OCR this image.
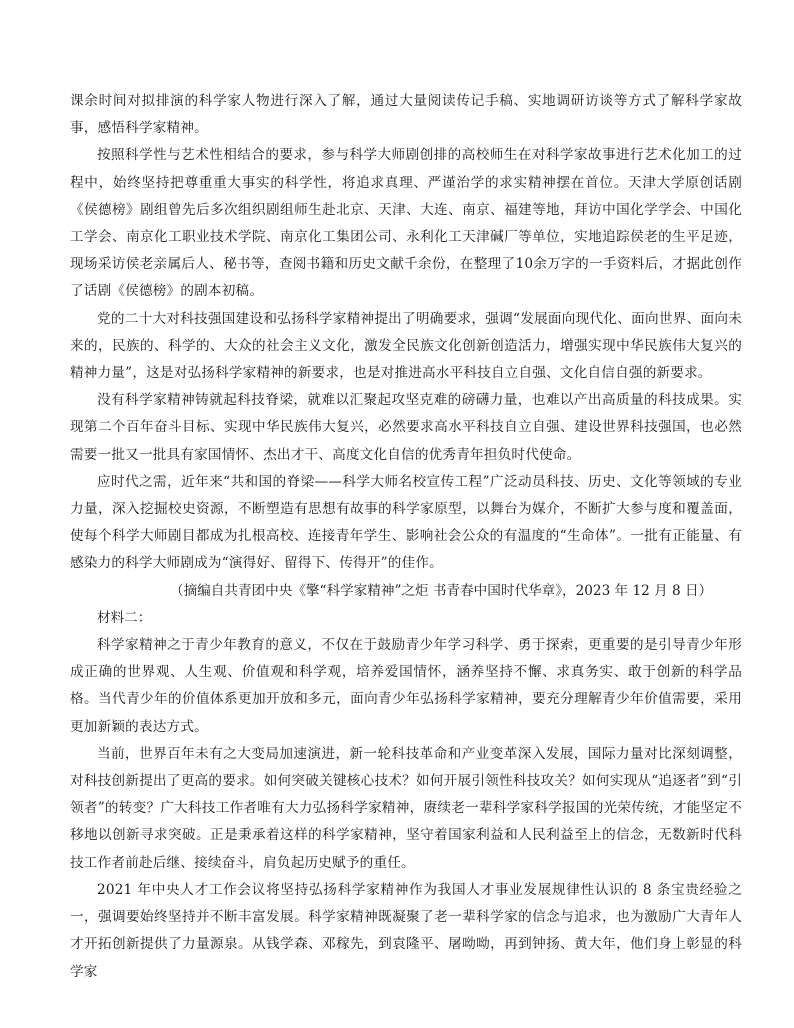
课余时间对拟排演的科学家人物进行深入了解，通过大量阅读传记手稿、实地调研访谈等方式了解科学家故事，感悟科学家精神。

按照科学性与艺术性相结合的要求，参与科学大师剧创排的高校师生在对科学家故事进行艺术化加工的过程中，始终坚持把尊重重大事实的科学性，将追求真理、严谨治学的求实精神摆在首位。天津大学原创话剧《侯德榜》剧组曾先后多次组织剧组师生赴北京、天津、大连、南京、福建等地，拜访中国化学学会、中国化工学会、南京化工职业技术学院、南京化工集团公司、永利化工天津碱厂等单位，实地追踪侯老的生平足迹，现场采访侯老亲属后人、秘书等，查阅书籍和历史文献千余份，在整理了10余万字的一手资料后，才据此创作了话剧《侯德榜》的剧本初稿。

党的二十大对科技强国建设和弘扬科学家精神提出了明确要求，强调“发展面向现代化、面向世界、面向未来的，民族的、科学的、大众的社会主义文化，激发全民族文化创新创造活力，增强实现中华民族伟大复兴的精神力量”，这是对弘扬科学家精神的新要求，也是对推进高水平科技自立自强、文化自信自强的新要求。

没有科学家精神铸就起科技脊梁，就难以汇聚起攻坚克难的磅礴力量，也难以产出高质量的科技成果。实现第二个百年奋斗目标、实现中华民族伟大复兴，必然要求高水平科技自立自强、建设世界科技强国，也必然需要一批又一批具有家国情怀、杰出才干、高度文化自信的优秀青年担负时代使命。

应时代之需，近年来“共和国的脊梁——科学大师名校宣传工程”广泛动员科技、历史、文化等领域的专业力量，深入挖掘校史资源，不断塑造有思想有故事的科学家原型，以舞台为媒介，不断扩大参与度和覆盖面，使每个科学大师剧目都成为扎根高校、连接青年学生、影响社会公众的有温度的“生命体”。一批有正能量、有感染力的科学大师剧成为“演得好、留得下、传得开”的佳作。

（摘编自共青团中央《擎“科学家精神”之炬 书青春中国时代华章》，2023 年 12 月 8 日）

材料二：

科学家精神之于青少年教育的意义，不仅在于鼓励青少年学习科学、勇于探索，更重要的是引导青少年形成正确的世界观、人生观、价值观和科学观，培养爱国情怀，涵养坚持不懈、求真务实、敢于创新的科学品格。当代青少年的价值体系更加开放和多元，面向青少年弘扬科学家精神，要充分理解青少年价值需要，采用更加新颖的表达方式。

当前，世界百年未有之大变局加速演进，新一轮科技革命和产业变革深入发展，国际力量对比深刻调整，对科技创新提出了更高的要求。如何突破关键核心技术？如何开展引领性科技攻关？如何实现从“追逐者”到“引领者”的转变？广大科技工作者唯有大力弘扬科学家精神，赓续老一辈科学家科学报国的光荣传统，才能坚定不移地以创新寻求突破。正是秉承着这样的科学家精神，坚守着国家利益和人民利益至上的信念，无数新时代科技工作者前赴后继、接续奋斗，肩负起历史赋予的重任。

2021 年中央人才工作会议将坚持弘扬科学家精神作为我国人才事业发展规律性认识的 8 条宝贵经验之一，强调要始终坚持并不断丰富发展。科学家精神既凝聚了老一辈科学家的信念与追求，也为激励广大青年人才开拓创新提供了力量源泉。从钱学森、邓稼先，到袁隆平、屠呦呦，再到钟扬、黄大年，他们身上彰显的科学家
